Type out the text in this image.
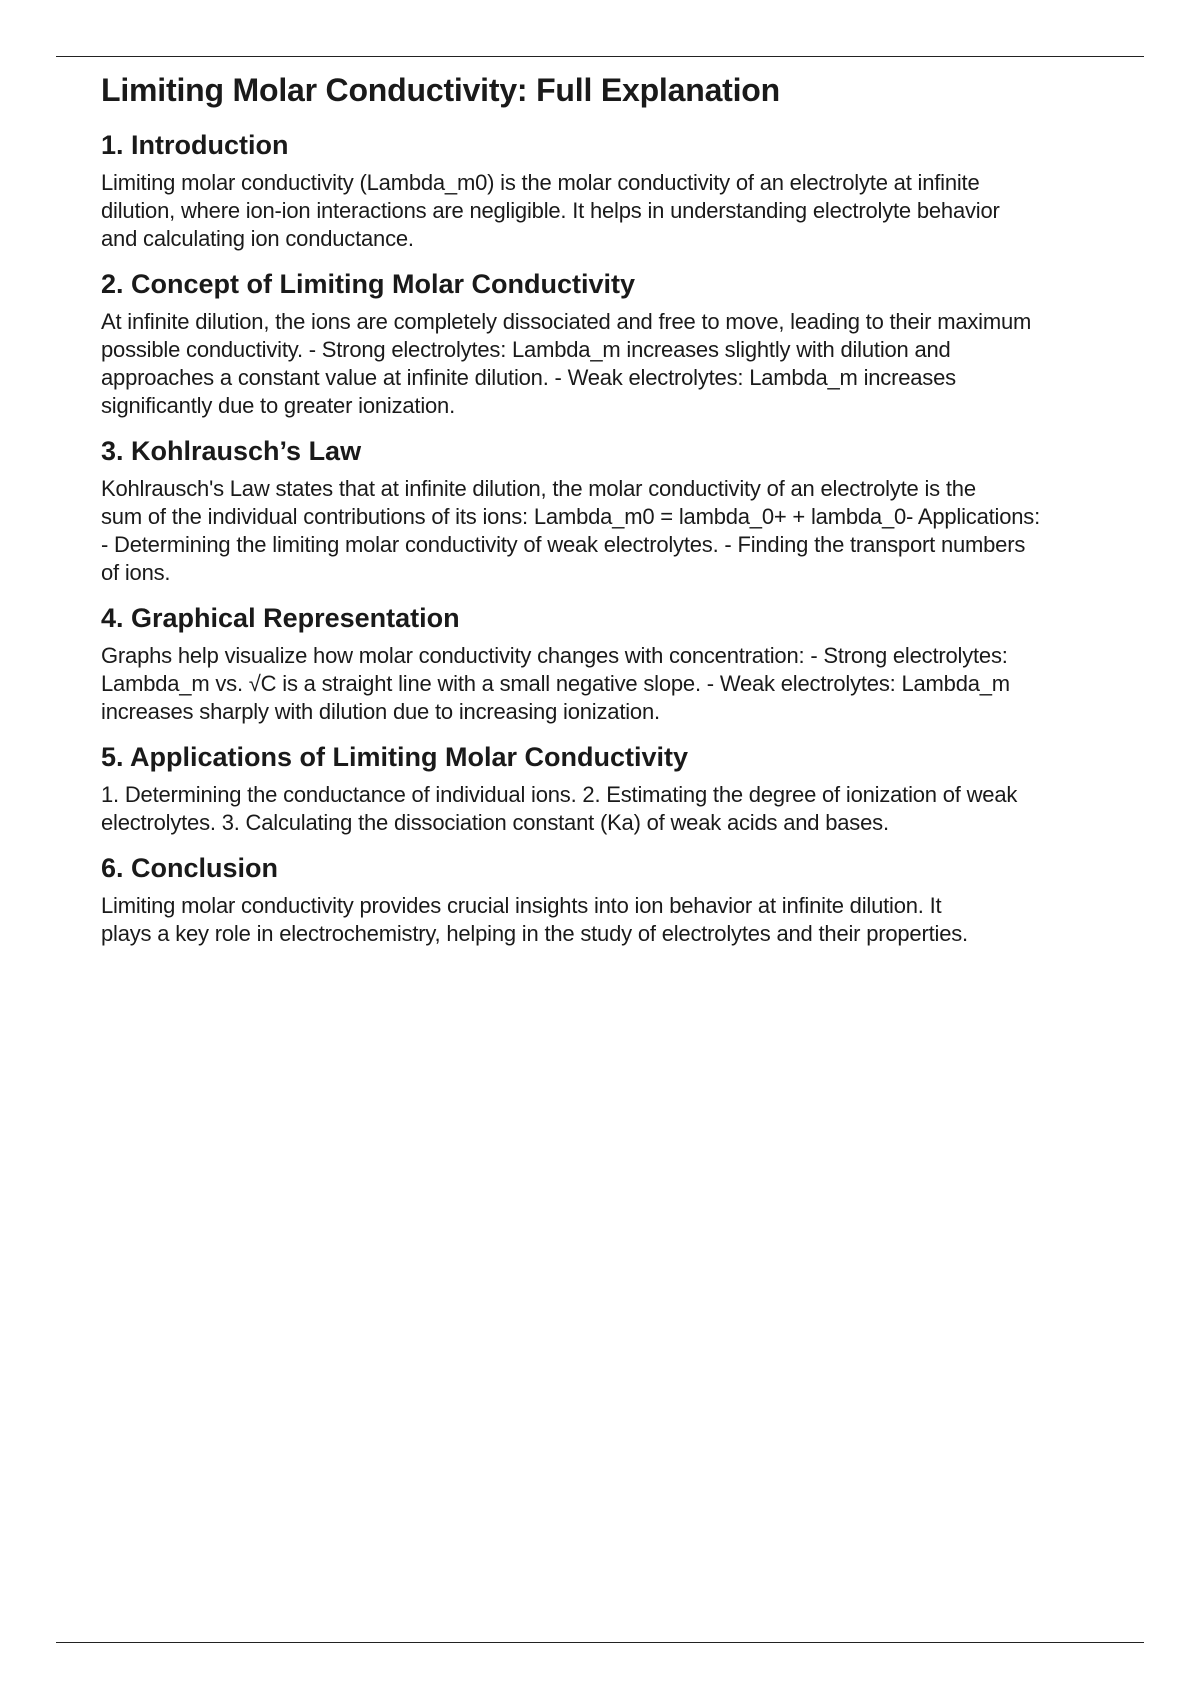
Limiting Molar Conductivity: Full Explanation
1. Introduction

Limiting molar conductivity (Lambda_m0) is the molar conductivity of an electrolyte at infinite
dilution, where ion-ion interactions are negligible. It helps in understanding electrolyte behavior
and calculating ion conductance.

2. Concept of Limiting Molar Conductivity

At infinite dilution, the ions are completely dissociated and free to move, leading to their maximum
possible conductivity. - Strong electrolytes: Lambda_m increases slightly with dilution and
approaches a constant value at infinite dilution. - Weak electrolytes: Lambda_m increases
significantly due to greater ionization.

3. Kohlrausch’s Law

Kohlrausch's Law states that at infinite dilution, the molar conductivity of an electrolyte is the
sum of the individual contributions of its ions: Lambda_m0 = lambda_0+ + lambda_0- Applications:
- Determining the limiting molar conductivity of weak electrolytes. - Finding the transport numbers
of ions.

4. Graphical Representation

Graphs help visualize how molar conductivity changes with concentration: - Strong electrolytes:
Lambda_m vs. √C is a straight line with a small negative slope. - Weak electrolytes: Lambda_m
increases sharply with dilution due to increasing ionization.

5. Applications of Limiting Molar Conductivity

1. Determining the conductance of individual ions. 2. Estimating the degree of ionization of weak
electrolytes. 3. Calculating the dissociation constant (Ka) of weak acids and bases.

6. Conclusion

Limiting molar conductivity provides crucial insights into ion behavior at infinite dilution. It
plays a key role in electrochemistry, helping in the study of electrolytes and their properties.
